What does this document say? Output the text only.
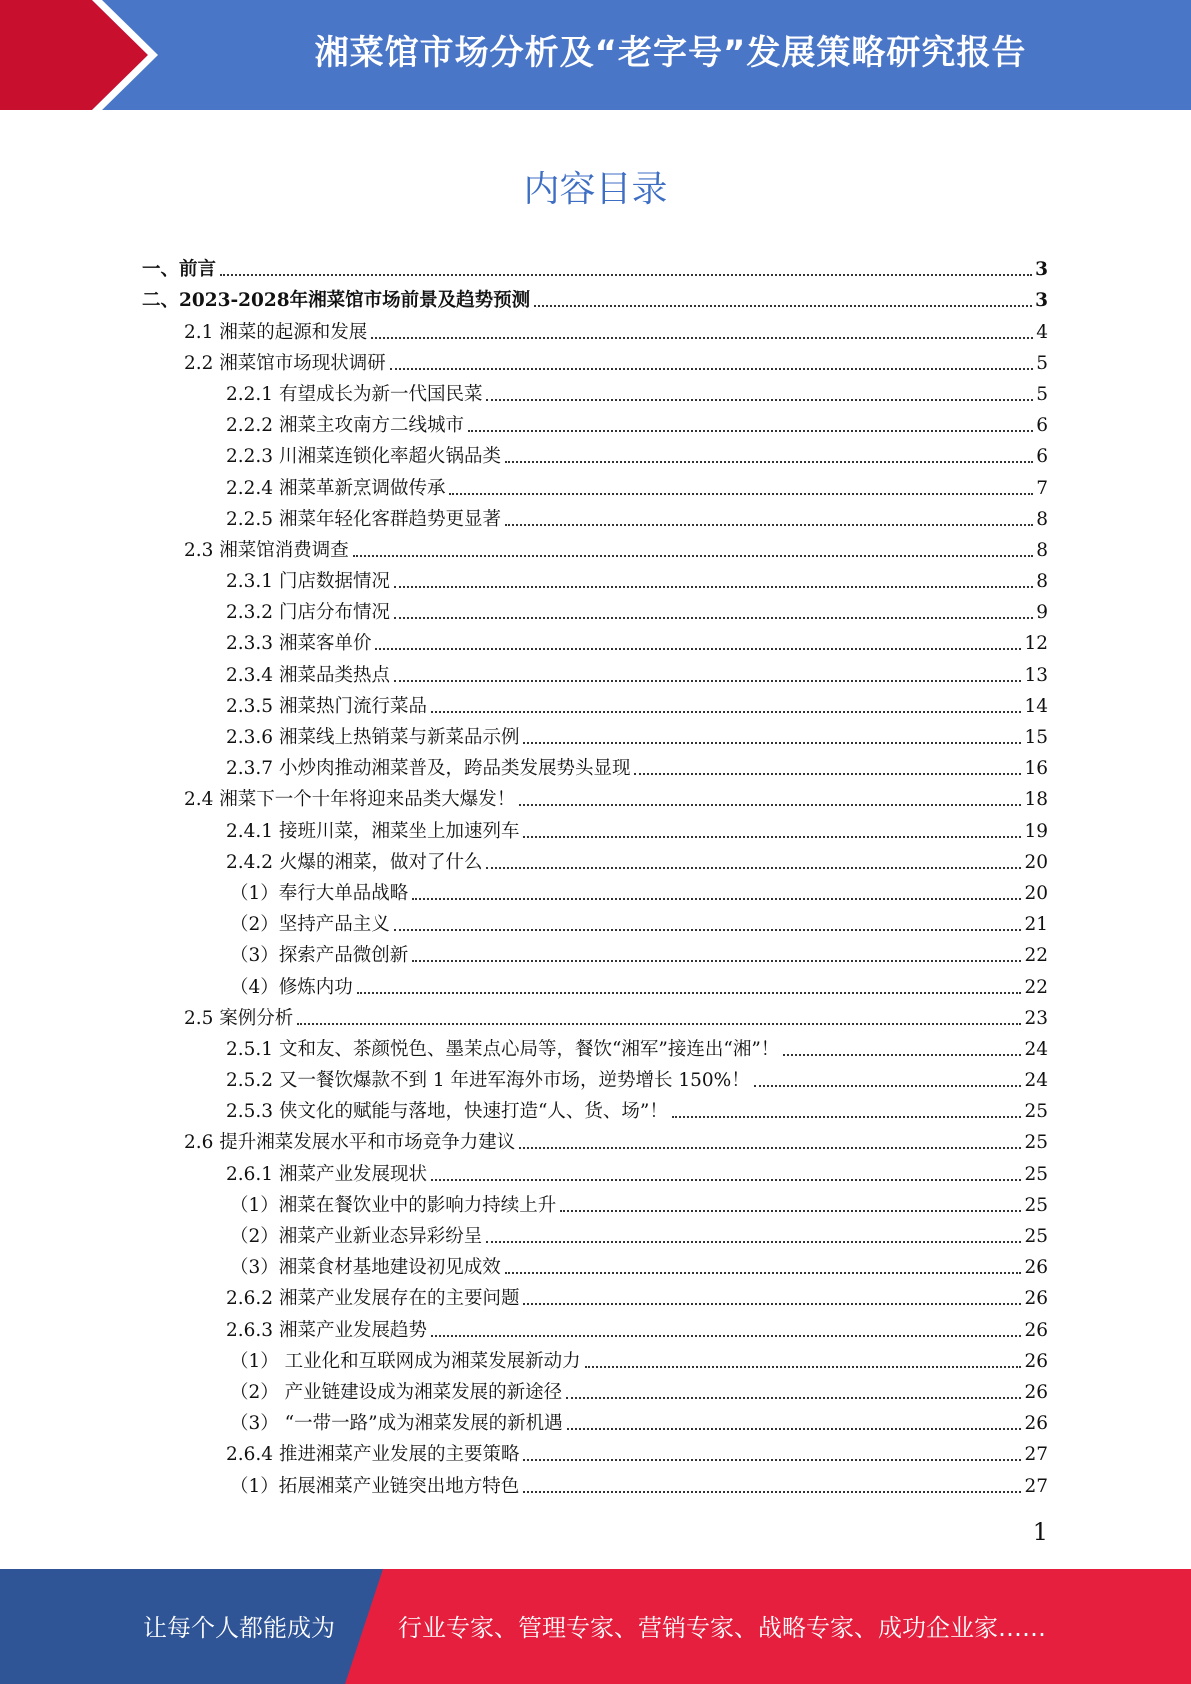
湘菜馆市场分析及“老字号”发展策略研究报告
内容目录
一、前言	3
二、2023-2028年湘菜馆市场前景及趋势预测	3
2.1 湘菜的起源和发展	4
2.2 湘菜馆市场现状调研	5
2.2.1 有望成长为新一代国民菜	5
2.2.2 湘菜主攻南方二线城市	6
2.2.3 川湘菜连锁化率超火锅品类	6
2.2.4 湘菜革新烹调做传承	7
2.2.5 湘菜年轻化客群趋势更显著	8
2.3 湘菜馆消费调查	8
2.3.1 门店数据情况	8
2.3.2 门店分布情况	9
2.3.3 湘菜客单价	12
2.3.4 湘菜品类热点	13
2.3.5 湘菜热门流行菜品	14
2.3.6 湘菜线上热销菜与新菜品示例	15
2.3.7 小炒肉推动湘菜普及，跨品类发展势头显现	16
2.4 湘菜下一个十年将迎来品类大爆发！	18
2.4.1 接班川菜，湘菜坐上加速列车	19
2.4.2 火爆的湘菜，做对了什么	20
（1）奉行大单品战略	20
（2）坚持产品主义	21
（3）探索产品微创新	22
（4）修炼内功	22
2.5 案例分析	23
2.5.1 文和友、茶颜悦色、墨茉点心局等，餐饮“湘军”接连出“湘”！	24
2.5.2 又一餐饮爆款不到 1 年进军海外市场，逆势增长 150%！	24
2.5.3 侠文化的赋能与落地，快速打造“人、货、场”！	25
2.6 提升湘菜发展水平和市场竞争力建议	25
2.6.1 湘菜产业发展现状	25
（1）湘菜在餐饮业中的影响力持续上升	25
（2）湘菜产业新业态异彩纷呈	25
（3）湘菜食材基地建设初见成效	26
2.6.2 湘菜产业发展存在的主要问题	26
2.6.3 湘菜产业发展趋势	26
（1） 工业化和互联网成为湘菜发展新动力	26
（2） 产业链建设成为湘菜发展的新途径	26
（3） “一带一路”成为湘菜发展的新机遇	26
2.6.4 推进湘菜产业发展的主要策略	27
（1）拓展湘菜产业链突出地方特色	27
1
让每个人都能成为	行业专家、管理专家、营销专家、战略专家、成功企业家……
